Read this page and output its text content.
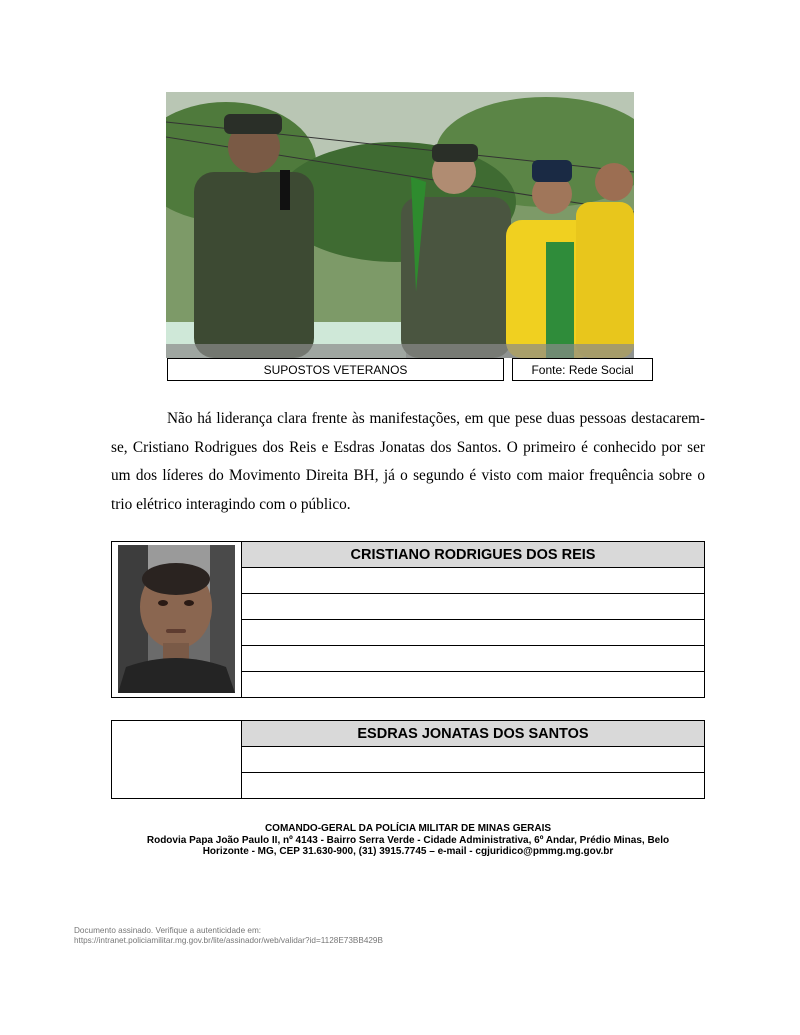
SUPOSTOS VETERANOS	Fonte: Rede Social

Não há liderança clara frente às manifestações, em que pese duas pessoas destacarem-se, Cristiano Rodrigues dos Reis e Esdras Jonatas dos Santos. O primeiro é conhecido por ser um dos líderes do Movimento Direita BH, já o segundo é visto com maior frequência sobre o trio elétrico interagindo com o público.

	CRISTIANO RODRIGUES DOS REIS

	ESDRAS JONATAS DOS SANTOS

COMANDO-GERAL DA POLÍCIA MILITAR DE MINAS GERAIS
Rodovia Papa João Paulo II, nº 4143 - Bairro Serra Verde - Cidade Administrativa, 6º Andar, Prédio Minas, Belo
Horizonte - MG, CEP 31.630-900, (31) 3915.7745 – e-mail - cgjuridico@pmmg.mg.gov.br
Documento assinado. Verifique a autenticidade em:
https://intranet.policiamilitar.mg.gov.br/lite/assinador/web/validar?id=1128E73BB429B
